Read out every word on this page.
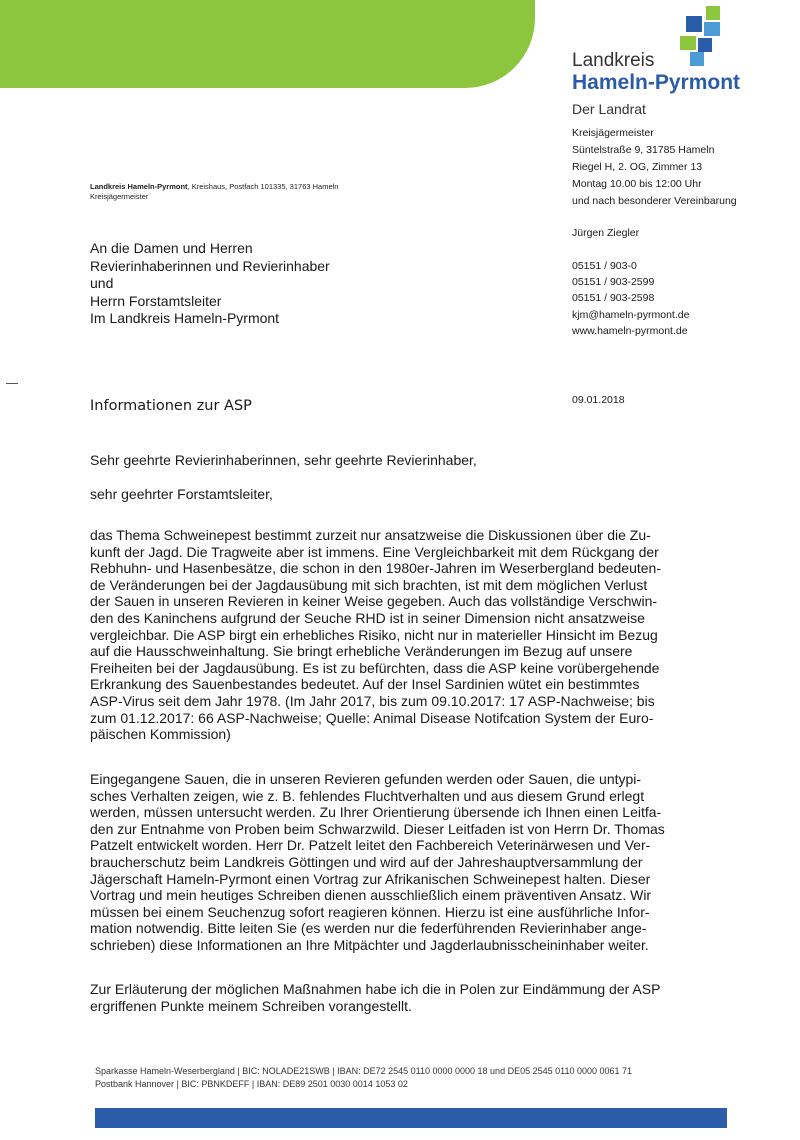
Landkreis
Hameln-Pyrmont
Der Landrat
Kreisjägermeister
Süntelstraße 9, 31785 Hameln
Riegel H, 2. OG, Zimmer 13
Montag 10.00 bis 12:00 Uhr
und nach besonderer Vereinbarung
Jürgen Ziegler
05151 / 903-0
05151 / 903-2599
05151 / 903-2598
kjm@hameln-pyrmont.de
www.hameln-pyrmont.de
09.01.2018
Landkreis Hameln-Pyrmont, Kreishaus, Postfach 101335, 31763 Hameln
Kreisjägermeister
An die Damen und Herren
Revierinhaberinnen und Revierinhaber
und
Herrn Forstamtsleiter
Im Landkreis Hameln-Pyrmont
Informationen zur ASP
Sehr geehrte Revierinhaberinnen, sehr geehrte Revierinhaber,
sehr geehrter Forstamtsleiter,

das Thema Schweinepest bestimmt zurzeit nur ansatzweise die Diskussionen über die Zu-

kunft der Jagd. Die Tragweite aber ist immens. Eine Vergleichbarkeit mit dem Rückgang der

Rebhuhn- und Hasenbesätze, die schon in den 1980er-Jahren im Weserbergland bedeuten-

de Veränderungen bei der Jagdausübung mit sich brachten, ist mit dem möglichen Verlust

der Sauen in unseren Revieren in keiner Weise gegeben. Auch das vollständige Verschwin-

den des Kaninchens aufgrund der Seuche RHD ist in seiner Dimension nicht ansatzweise

vergleichbar. Die ASP birgt ein erhebliches Risiko, nicht nur in materieller Hinsicht im Bezug

auf die Hausschweinhaltung. Sie bringt erhebliche Veränderungen im Bezug auf unsere

Freiheiten bei der Jagdausübung. Es ist zu befürchten, dass die ASP keine vorübergehende

Erkrankung des Sauenbestandes bedeutet. Auf der Insel Sardinien wütet ein bestimmtes

ASP-Virus seit dem Jahr 1978. (Im Jahr 2017, bis zum 09.10.2017: 17 ASP-Nachweise; bis

zum 01.12.2017: 66 ASP-Nachweise; Quelle: Animal Disease Notifcation System der Euro-

päischen Kommission)

Eingegangene Sauen, die in unseren Revieren gefunden werden oder Sauen, die untypi-

sches Verhalten zeigen, wie z. B. fehlendes Fluchtverhalten und aus diesem Grund erlegt

werden, müssen untersucht werden. Zu Ihrer Orientierung übersende ich Ihnen einen Leitfa-

den zur Entnahme von Proben beim Schwarzwild. Dieser Leitfaden ist von Herrn Dr. Thomas

Patzelt entwickelt worden. Herr Dr. Patzelt leitet den Fachbereich Veterinärwesen und Ver-

braucherschutz beim Landkreis Göttingen und wird auf der Jahreshauptversammlung der

Jägerschaft Hameln-Pyrmont einen Vortrag zur Afrikanischen Schweinepest halten. Dieser

Vortrag und mein heutiges Schreiben dienen ausschließlich einem präventiven Ansatz. Wir

müssen bei einem Seuchenzug sofort reagieren können. Hierzu ist eine ausführliche Infor-

mation notwendig. Bitte leiten Sie (es werden nur die federführenden Revierinhaber ange-

schrieben) diese Informationen an Ihre Mitpächter und Jagderlaubnisscheininhaber weiter.

Zur Erläuterung der möglichen Maßnahmen habe ich die in Polen zur Eindämmung der ASP

ergriffenen Punkte meinem Schreiben vorangestellt.

Sparkasse Hameln-Weserbergland | BIC: NOLADE21SWB | IBAN: DE72 2545 0110 0000 0000 18 und DE05 2545 0110 0000 0061 71
Postbank Hannover | BIC: PBNKDEFF | IBAN: DE89 2501 0030 0014 1053 02
